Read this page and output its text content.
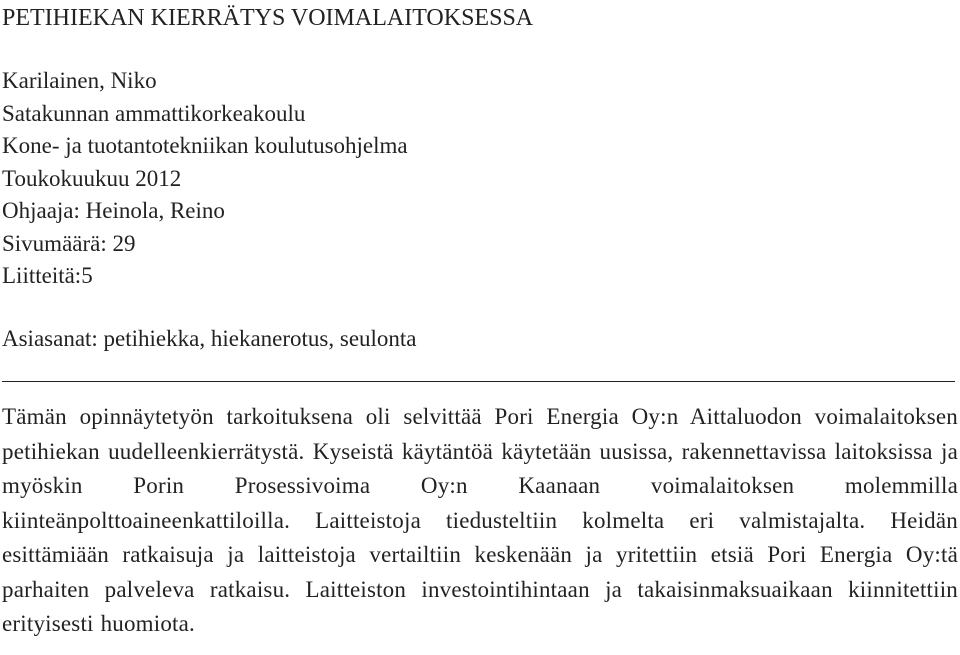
PETIHIEKAN KIERRÄTYS VOIMALAITOKSESSA
Karilainen, Niko
Satakunnan ammattikorkeakoulu
Kone- ja tuotantotekniikan koulutusohjelma
Toukokuukuu 2012
Ohjaaja: Heinola, Reino
Sivumäärä: 29
Liitteitä:5
Asiasanat: petihiekka, hiekanerotus, seulonta
Tämän opinnäytetyön tarkoituksena oli selvittää Pori Energia Oy:n Aittaluodon voimalaitoksen petihiekan uudelleenkierrätystä. Kyseistä käytäntöä käytetään uusissa, rakennettavissa laitoksissa ja myöskin Porin Prosessivoima Oy:n Kaanaan voimalaitoksen molemmilla kiinteänpolttoaineenkattiloilla. Laitteistoja tiedusteltiin kolmelta eri valmistajalta. Heidän esittämiään ratkaisuja ja laitteistoja vertailtiin keskenään ja yritettiin etsiä Pori Energia Oy:tä parhaiten palveleva ratkaisu. Laitteiston investointihintaan ja takaisinmaksuaikaan kiinnitettiin erityisesti huomiota.
